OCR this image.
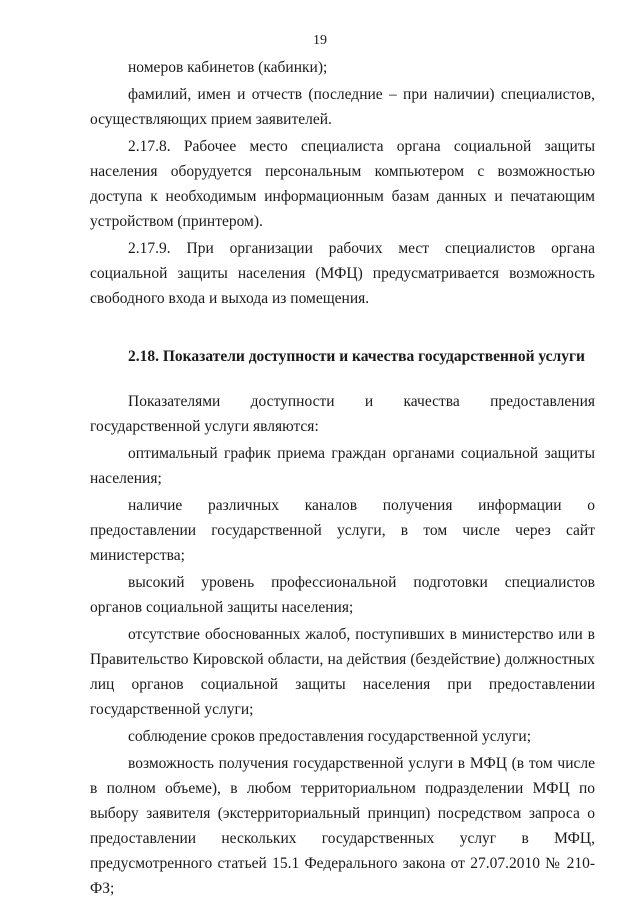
19

номеров кабинетов (кабинки);

фамилий, имен и отчеств (последние – при наличии) специалистов, осуществляющих прием заявителей.

2.17.8. Рабочее место специалиста органа социальной защиты населения оборудуется персональным компьютером с возможностью доступа к необходимым информационным базам данных и печатающим устройством (принтером).

2.17.9. При организации рабочих мест специалистов органа социальной защиты населения (МФЦ) предусматривается возможность свободного входа и выхода из помещения.

2.18. Показатели доступности и качества государственной услуги

Показателями доступности и качества предоставления государственной услуги являются:

оптимальный график приема граждан органами социальной защиты населения;

наличие различных каналов получения информации о предоставлении государственной услуги, в том числе через сайт министерства;

высокий уровень профессиональной подготовки специалистов органов социальной защиты населения;

отсутствие обоснованных жалоб, поступивших в министерство или в Правительство Кировской области, на действия (бездействие) должностных лиц органов социальной защиты населения при предоставлении государственной услуги;

соблюдение сроков предоставления государственной услуги;

возможность получения государственной услуги в МФЦ (в том числе в полном объеме), в любом территориальном подразделении МФЦ по выбору заявителя (экстерриториальный принцип) посредством запроса о предоставлении нескольких государственных услуг в МФЦ, предусмотренного статьей 15.1 Федерального закона от 27.07.2010 № 210-ФЗ;
